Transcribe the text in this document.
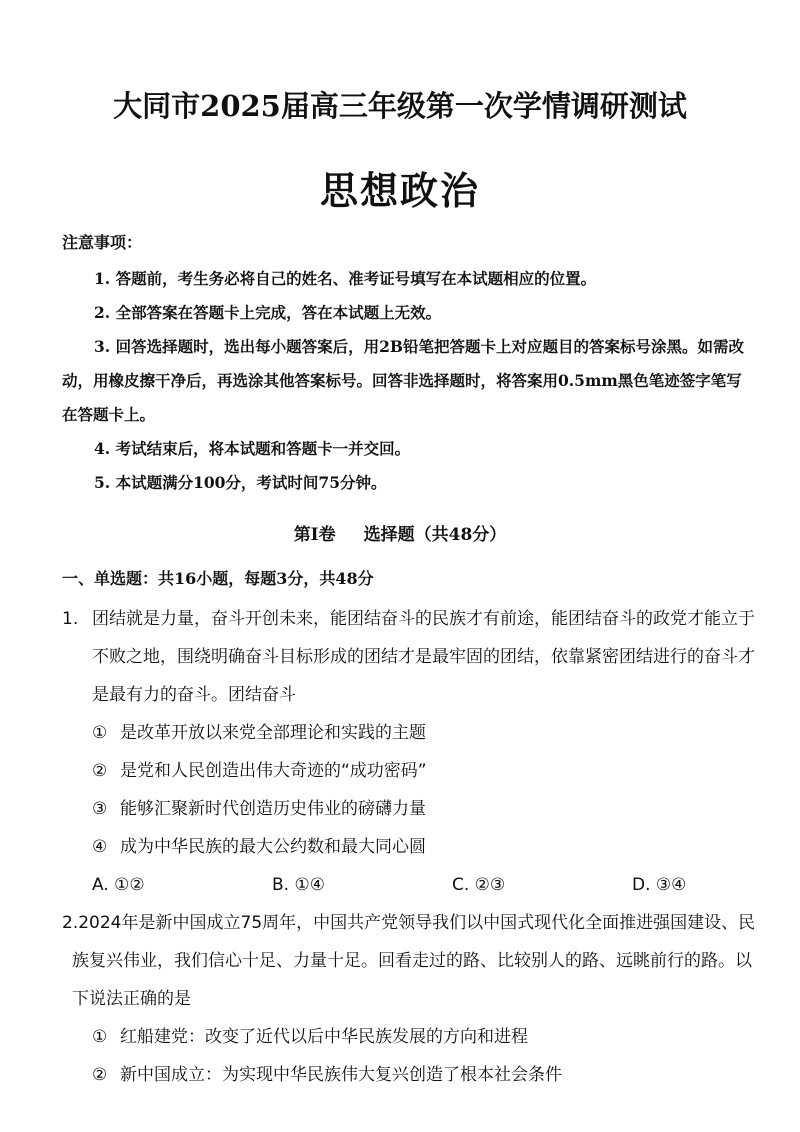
大同市2025届高三年级第一次学情调研测试
思想政治
注意事项：
1. 答题前，考生务必将自己的姓名、准考证号填写在本试题相应的位置。
2. 全部答案在答题卡上完成，答在本试题上无效。
3. 回答选择题时，选出每小题答案后，用2B铅笔把答题卡上对应题目的答案标号涂黑。如需改动，用橡皮擦干净后，再选涂其他答案标号。回答非选择题时，将答案用0.5mm黑色笔迹签字笔写在答题卡上。
4. 考试结束后，将本试题和答题卡一并交回。
5. 本试题满分100分，考试时间75分钟。
第Ⅰ卷 选择题（共48分）
一、单选题：共16小题，每题3分，共48分
1. 团结就是力量，奋斗开创未来，能团结奋斗的民族才有前途，能团结奋斗的政党才能立于不败之地，围绕明确奋斗目标形成的团结才是最牢固的团结，依靠紧密团结进行的奋斗才是最有力的奋斗。团结奋斗
① 是改革开放以来党全部理论和实践的主题
② 是党和人民创造出伟大奇迹的“成功密码”
③ 能够汇聚新时代创造历史伟业的磅礴力量
④ 成为中华民族的最大公约数和最大同心圆
A. ①②	B. ①④	C. ②③	D. ③④
2.2024年是新中国成立75周年，中国共产党领导我们以中国式现代化全面推进强国建设、民族复兴伟业，我们信心十足、力量十足。回看走过的路、比较别人的路、远眺前行的路。以下说法正确的是
① 红船建党：改变了近代以后中华民族发展的方向和进程
② 新中国成立：为实现中华民族伟大复兴创造了根本社会条件
